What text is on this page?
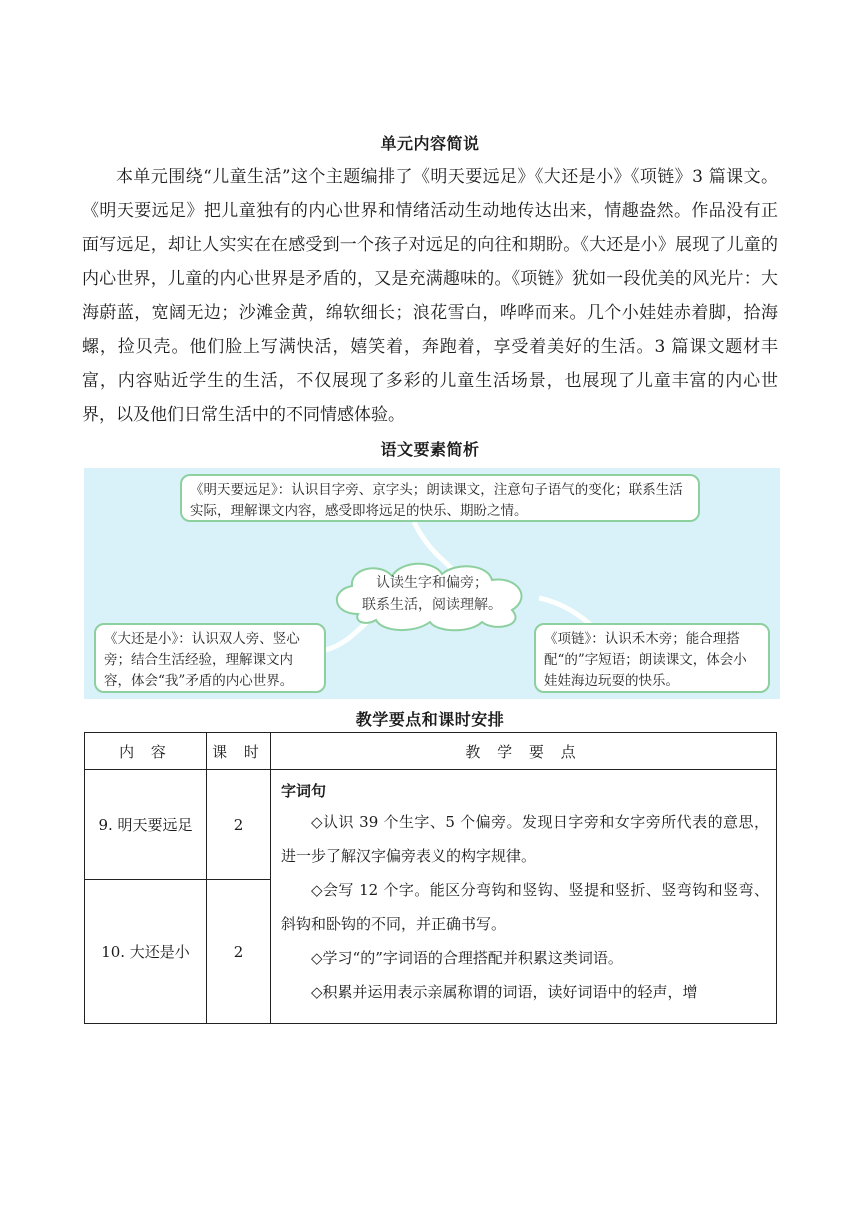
单元内容简说

本单元围绕“儿童生活”这个主题编排了《明天要远足》《大还是小》《项链》3 篇课文。《明天要远足》把儿童独有的内心世界和情绪活动生动地传达出来，情趣盎然。作品没有正面写远足，却让人实实在在感受到一个孩子对远足的向往和期盼。《大还是小》展现了儿童的内心世界，儿童的内心世界是矛盾的，又是充满趣味的。《项链》犹如一段优美的风光片：大海蔚蓝，宽阔无边；沙滩金黄，绵软细长；浪花雪白，哗哗而来。几个小娃娃赤着脚，拾海螺，捡贝壳。他们脸上写满快活，嬉笑着，奔跑着，享受着美好的生活。3 篇课文题材丰富，内容贴近学生的生活，不仅展现了多彩的儿童生活场景，也展现了儿童丰富的内心世界，以及他们日常生活中的不同情感体验。

语文要素简析
认读生字和偏旁；
联系生活，阅读理解。
《明天要远足》：认识目字旁、京字头；朗读课文，注意句子语气的变化；联系生活实际，理解课文内容，感受即将远足的快乐、期盼之情。
《大还是小》：认识双人旁、竖心旁；结合生活经验，理解课文内容，体会“我”矛盾的内心世界。
《项链》：认识禾木旁；能合理搭配“的”字短语；朗读课文，体会小娃娃海边玩耍的快乐。
教学要点和课时安排
内 容	课 时	教 学 要 点
9. 明天要远足	2	字词句
◇认识 39 个生字、5 个偏旁。发现日字旁和女字旁所代表的意思，进一步了解汉字偏旁表义的构字规律。
◇会写 12 个字。能区分弯钩和竖钩、竖提和竖折、竖弯钩和竖弯、斜钩和卧钩的不同，并正确书写。
◇学习“的”字词语的合理搭配并积累这类词语。
◇积累并运用表示亲属称谓的词语，读好词语中的轻声，增

10. 大还是小	2	
